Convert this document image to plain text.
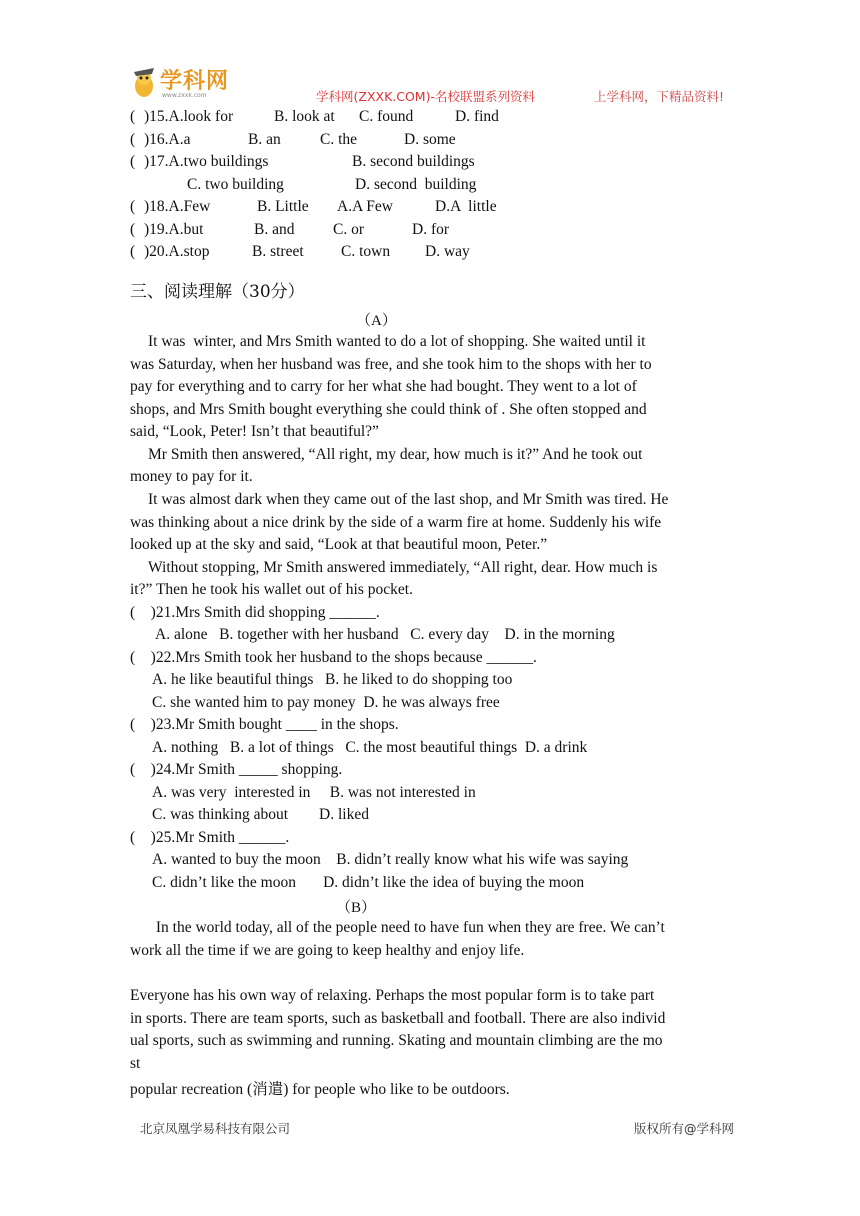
学科网
www.zxxk.com	学科网(ZXXK.COM)-名校联盟系列资料	上学科网，下精品资料!
( )15.A.look for	B. look at C. found	D. find
( )16.A.a	B. an	C. the	D. some
( )17.A.two buildings	B. second buildings
C. two building	D. second  building
( )18.A.Few	B. Little A.A Few	D.A  little
( )19.A.but	B. and C. or	D. for
( )20.A.stop	B. street C. town D. way
三、阅读理解（30分）
（A）
It was  winter, and Mrs Smith wanted to do a lot of shopping. She waited until it
was Saturday, when her husband was free, and she took him to the shops with her to
pay for everything and to carry for her what she had bought. They went to a lot of
shops, and Mrs Smith bought everything she could think of . She often stopped and
said, “Look, Peter! Isn’t that beautiful?”
Mr Smith then answered, “All right, my dear, how much is it?” And he took out
money to pay for it.
It was almost dark when they came out of the last shop, and Mr Smith was tired. He
was thinking about a nice drink by the side of a warm fire at home. Suddenly his wife
looked up at the sky and said, “Look at that beautiful moon, Peter.”
Without stopping, Mr Smith answered immediately, “All right, dear. How much is
it?” Then he took his wallet out of his pocket.
(    )21.Mrs Smith did shopping ______.
A. alone   B. together with her husband   C. every day    D. in the morning
(    )22.Mrs Smith took her husband to the shops because ______.
A. he like beautiful things   B. he liked to do shopping too
C. she wanted him to pay money  D. he was always free
(    )23.Mr Smith bought ____ in the shops.
A. nothing   B. a lot of things   C. the most beautiful things  D. a drink
(    )24.Mr Smith _____ shopping.
A. was very  interested in     B. was not interested in
C. was thinking about        D. liked
(    )25.Mr Smith ______.
A. wanted to buy the moon    B. didn’t really know what his wife was saying
C. didn’t like the moon       D. didn’t like the idea of buying the moon
（B）
In the world today, all of the people need to have fun when they are free. We can’t
work all the time if we are going to keep healthy and enjoy life.
Everyone has his own way of relaxing. Perhaps the most popular form is to take part
in sports. There are team sports, such as basketball and football. There are also individ
ual sports, such as swimming and running. Skating and mountain climbing are the mo
st
popular recreation (消遣) for people who like to be outdoors.
北京凤凰学易科技有限公司	版权所有@学科网
